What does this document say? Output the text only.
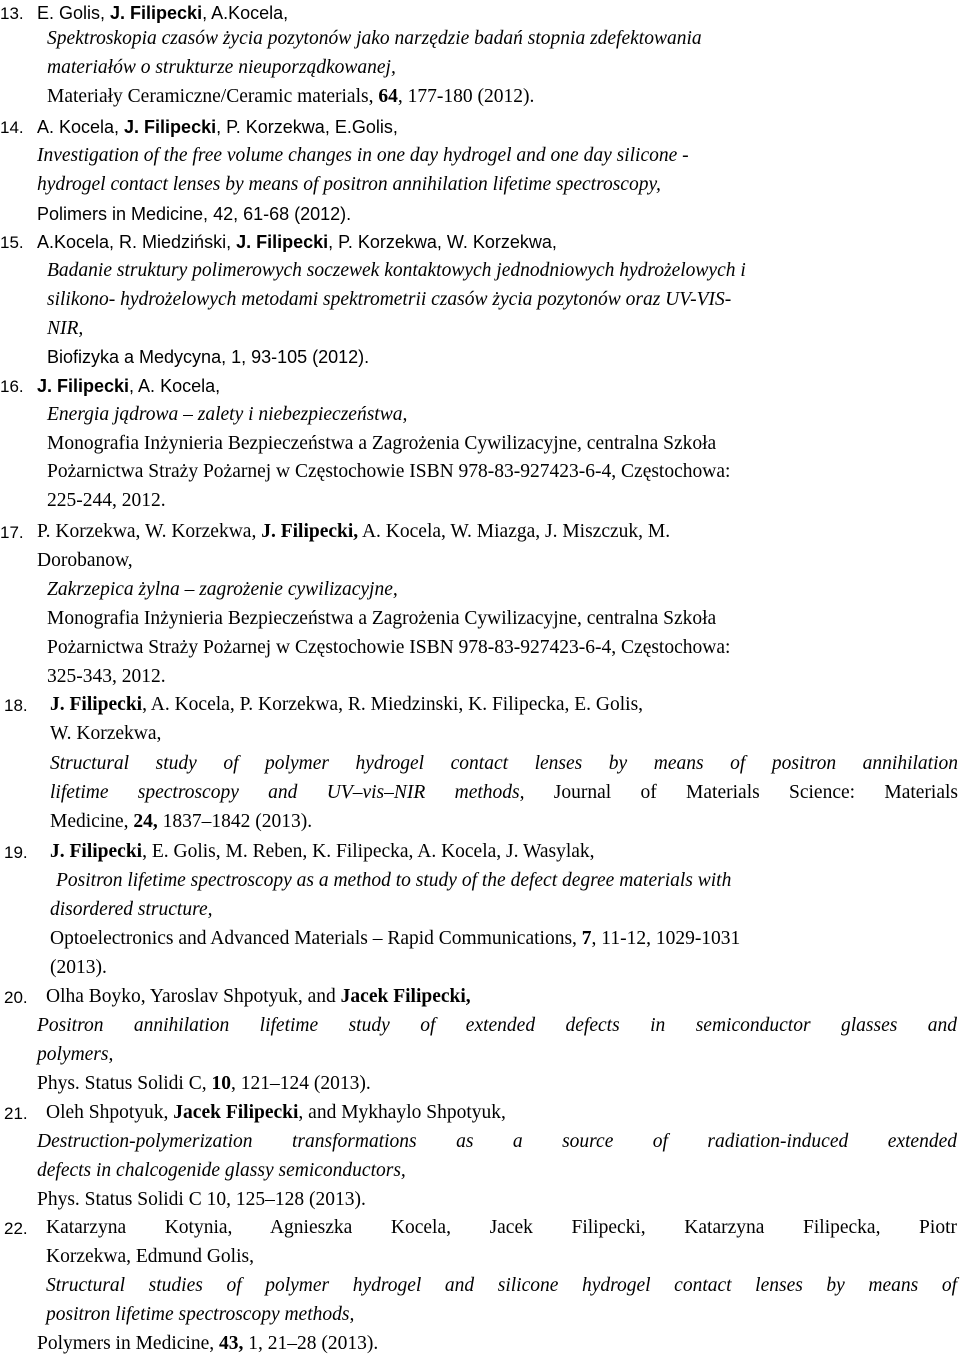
13. E. Golis, J. Filipecki, A.Kocela,
Spektroskopia czasów życia pozytonów jako narzędzie badań stopnia zdefektowania
materiałów o strukturze nieuporządkowanej,
Materiały Ceramiczne/Ceramic materials, 64, 177-180 (2012).
14. A. Kocela, J. Filipecki, P. Korzekwa, E.Golis,
Investigation of the free volume changes in one day hydrogel and one day silicone -
hydrogel contact lenses by means of positron annihilation lifetime spectroscopy,
Polimers in Medicine, 42, 61-68 (2012).
15. A.Kocela, R. Miedziński, J. Filipecki, P. Korzekwa, W. Korzekwa,
Badanie struktury polimerowych soczewek kontaktowych jednodniowych hydrożelowych i
silikono- hydrożelowych metodami spektrometrii czasów życia pozytonów oraz UV-VIS-
NIR,
Biofizyka a Medycyna, 1, 93-105 (2012).
16. J. Filipecki, A. Kocela,
Energia jądrowa – zalety i niebezpieczeństwa,
Monografia Inżynieria Bezpieczeństwa a Zagrożenia Cywilizacyjne, centralna Szkoła
Pożarnictwa Straży Pożarnej w Częstochowie ISBN 978-83-927423-6-4, Częstochowa:
225-244, 2012.
17. P. Korzekwa, W. Korzekwa, J. Filipecki, A. Kocela, W. Miazga, J. Miszczuk, M.
Dorobanow,
Zakrzepica żylna – zagrożenie cywilizacyjne,
Monografia Inżynieria Bezpieczeństwa a Zagrożenia Cywilizacyjne, centralna Szkoła
Pożarnictwa Straży Pożarnej w Częstochowie ISBN 978-83-927423-6-4, Częstochowa:
325-343, 2012.
18. J. Filipecki, A. Kocela, P. Korzekwa, R. Miedzinski, K. Filipecka, E. Golis,
W. Korzekwa,
Structural study of polymer hydrogel contact lenses by means of positron annihilation
lifetime spectroscopy and UV–vis–NIR methods, Journal of Materials Science: Materials
Medicine, 24, 1837–1842 (2013).
19. J. Filipecki, E. Golis, M. Reben, K. Filipecka, A. Kocela, J. Wasylak,
Positron lifetime spectroscopy as a method to study of the defect degree materials with
disordered structure,
Optoelectronics and Advanced Materials – Rapid Communications, 7, 11-12, 1029-1031
(2013).
20. Olha Boyko, Yaroslav Shpotyuk, and Jacek Filipecki,
Positron annihilation lifetime study of extended defects in semiconductor glasses and
polymers,
Phys. Status Solidi C, 10, 121–124 (2013).
21. Oleh Shpotyuk, Jacek Filipecki, and Mykhaylo Shpotyuk,
Destruction-polymerization transformations as a source of radiation-induced extended
defects in chalcogenide glassy semiconductors,
Phys. Status Solidi C 10, 125–128 (2013).
22. Katarzyna Kotynia, Agnieszka Kocela, Jacek Filipecki, Katarzyna Filipecka, Piotr
Korzekwa, Edmund Golis,
Structural studies of polymer hydrogel and silicone hydrogel contact lenses by means of
positron lifetime spectroscopy methods,
Polymers in Medicine, 43, 1, 21–28 (2013).
